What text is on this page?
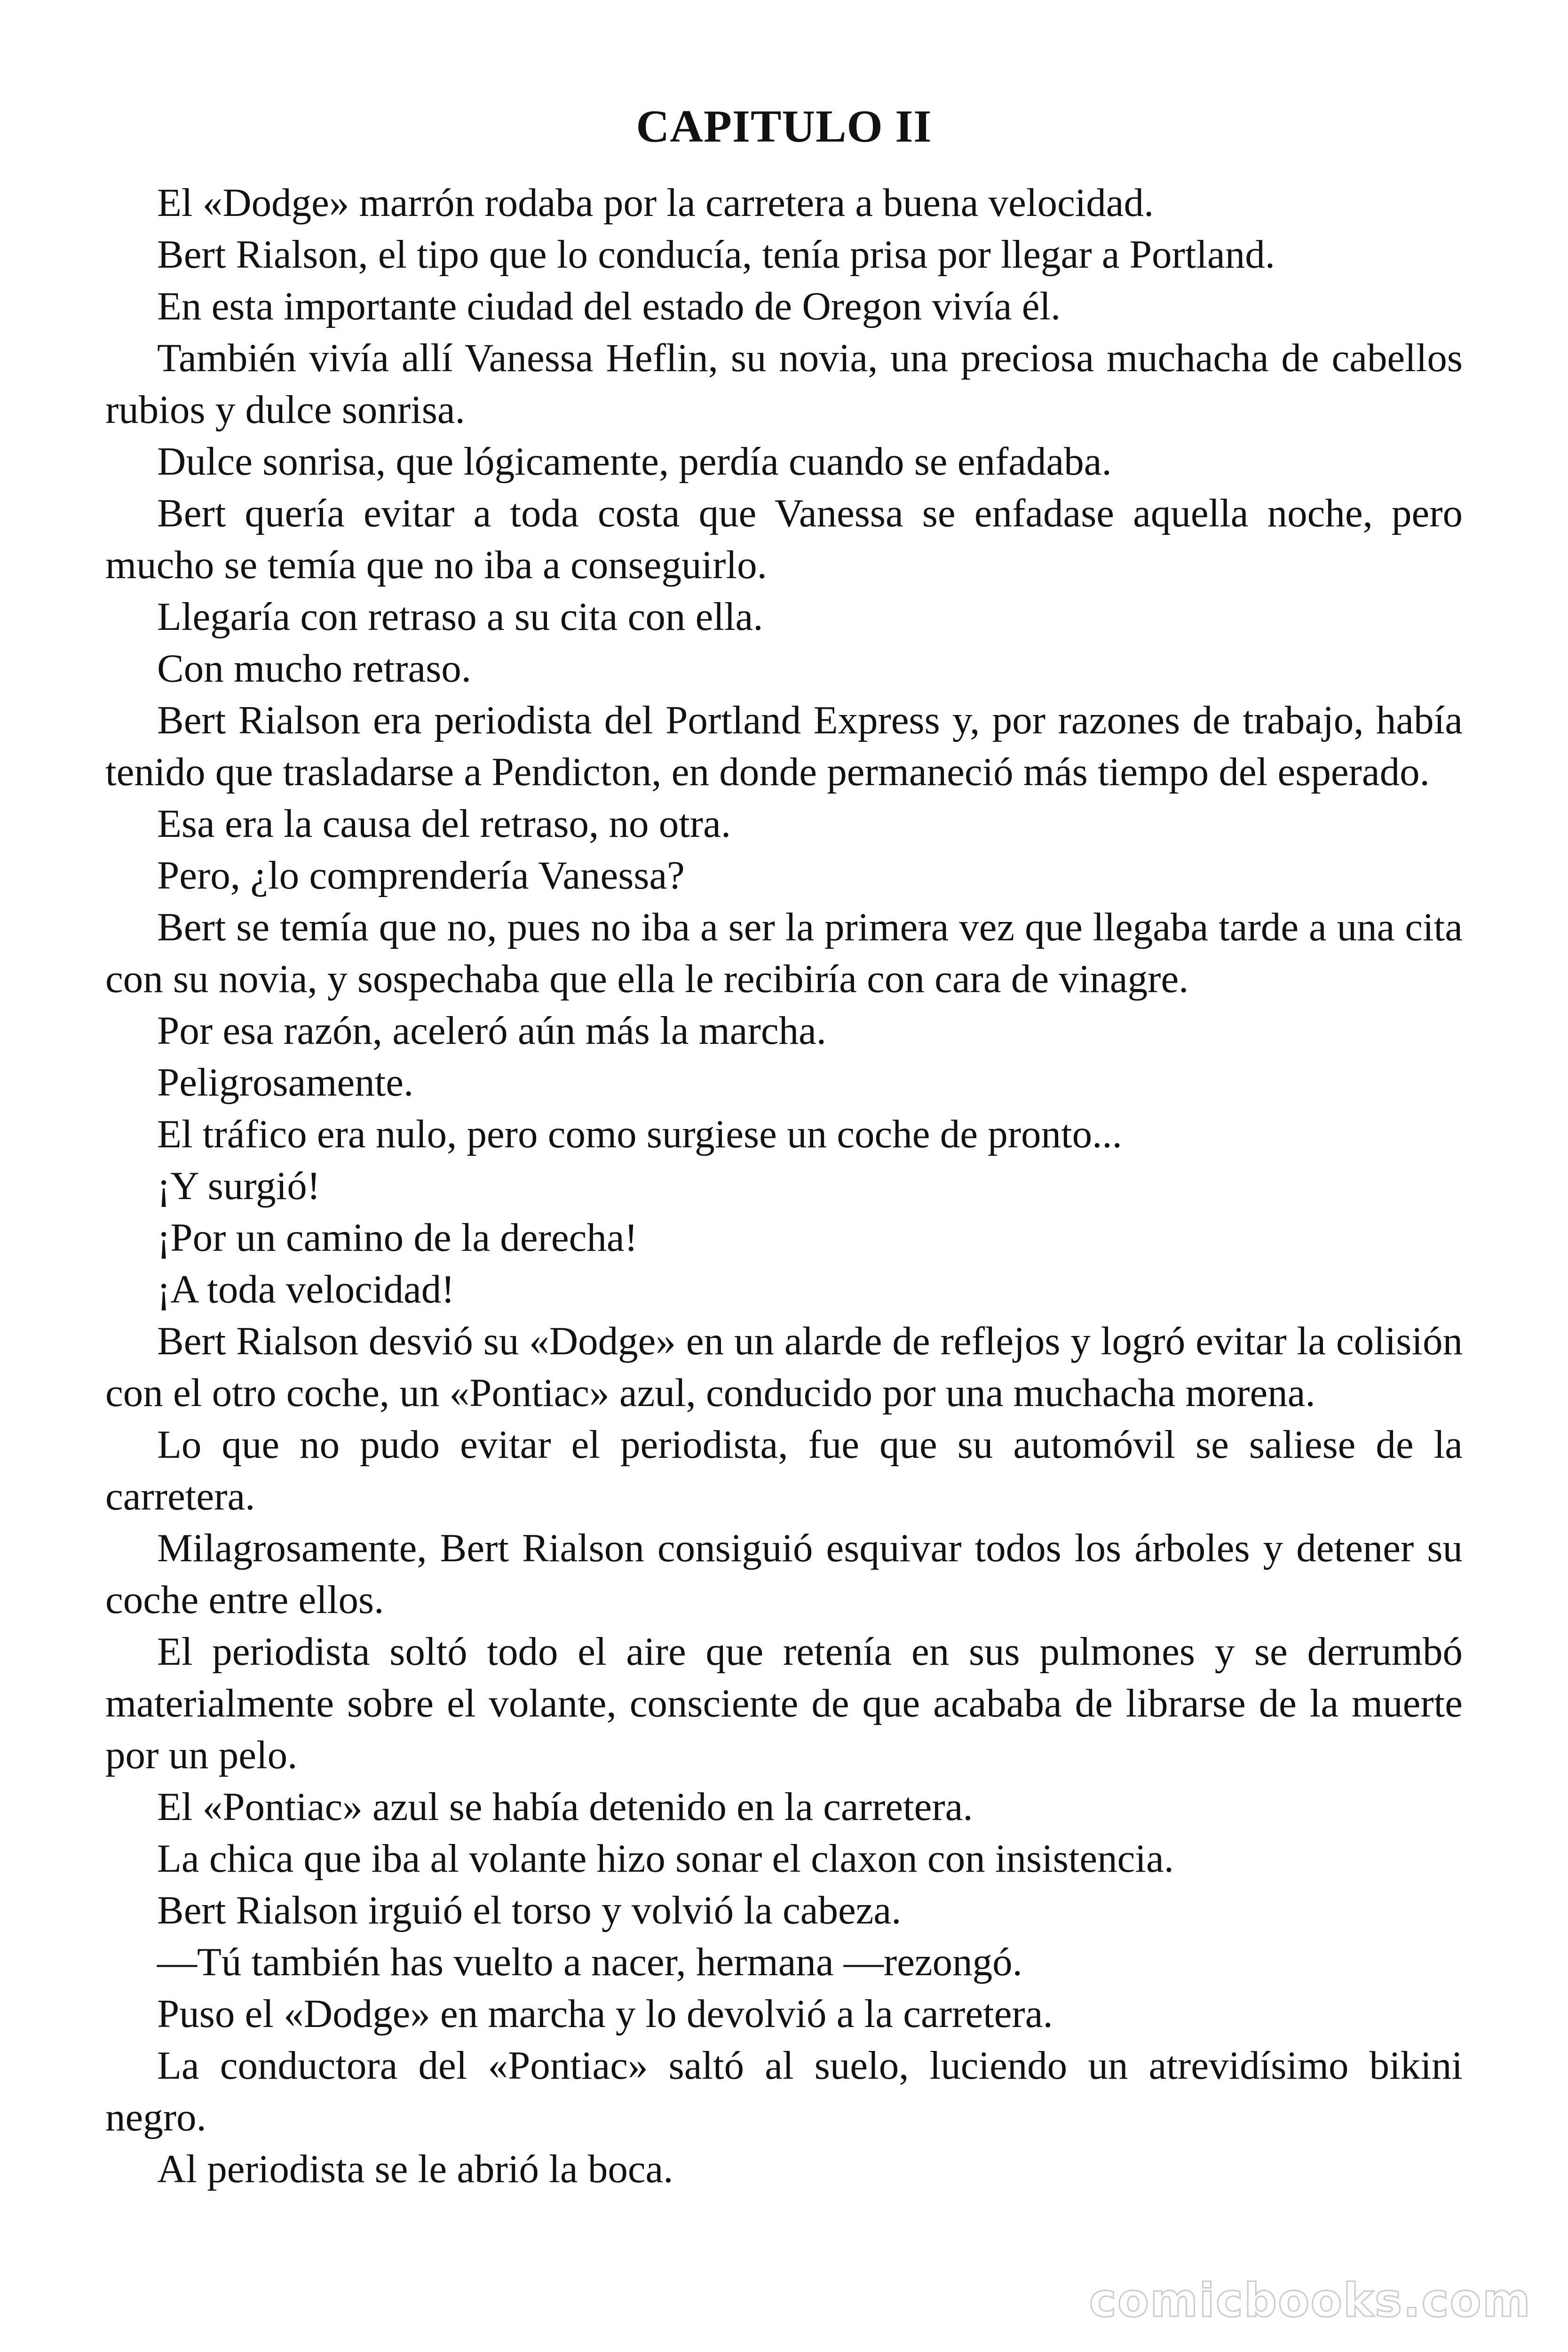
CAPITULO II

El «Dodge» marrón rodaba por la carretera a buena velocidad.

Bert Rialson, el tipo que lo conducía, tenía prisa por llegar a Portland.

En esta importante ciudad del estado de Oregon vivía él.

También vivía allí Vanessa Heflin, su novia, una preciosa muchacha de cabellos rubios y dulce sonrisa.

Dulce sonrisa, que lógicamente, perdía cuando se enfadaba.

Bert quería evitar a toda costa que Vanessa se enfadase aquella noche, pero mucho se temía que no iba a conseguirlo.

Llegaría con retraso a su cita con ella.

Con mucho retraso.

Bert Rialson era periodista del Portland Express y, por razones de trabajo, había tenido que trasladarse a Pendicton, en donde permaneció más tiempo del esperado.

Esa era la causa del retraso, no otra.

Pero, ¿lo comprendería Vanessa?

Bert se temía que no, pues no iba a ser la primera vez que llegaba tarde a una cita con su novia, y sospechaba que ella le recibiría con cara de vinagre.

Por esa razón, aceleró aún más la marcha.

Peligrosamente.

El tráfico era nulo, pero como surgiese un coche de pronto...

¡Y surgió!

¡Por un camino de la derecha!

¡A toda velocidad!

Bert Rialson desvió su «Dodge» en un alarde de reflejos y logró evitar la colisión con el otro coche, un «Pontiac» azul, conducido por una muchacha morena.

Lo que no pudo evitar el periodista, fue que su automóvil se saliese de la carretera.

Milagrosamente, Bert Rialson consiguió esquivar todos los árboles y detener su coche entre ellos.

El periodista soltó todo el aire que retenía en sus pulmones y se derrumbó materialmente sobre el volante, consciente de que acababa de librarse de la muerte por un pelo.

El «Pontiac» azul se había detenido en la carretera.

La chica que iba al volante hizo sonar el claxon con insistencia.

Bert Rialson irguió el torso y volvió la cabeza.

—Tú también has vuelto a nacer, hermana —rezongó.

Puso el «Dodge» en marcha y lo devolvió a la carretera.

La conductora del «Pontiac» saltó al suelo, luciendo un atrevidísimo bikini negro.

Al periodista se le abrió la boca.

comicbooks.com
